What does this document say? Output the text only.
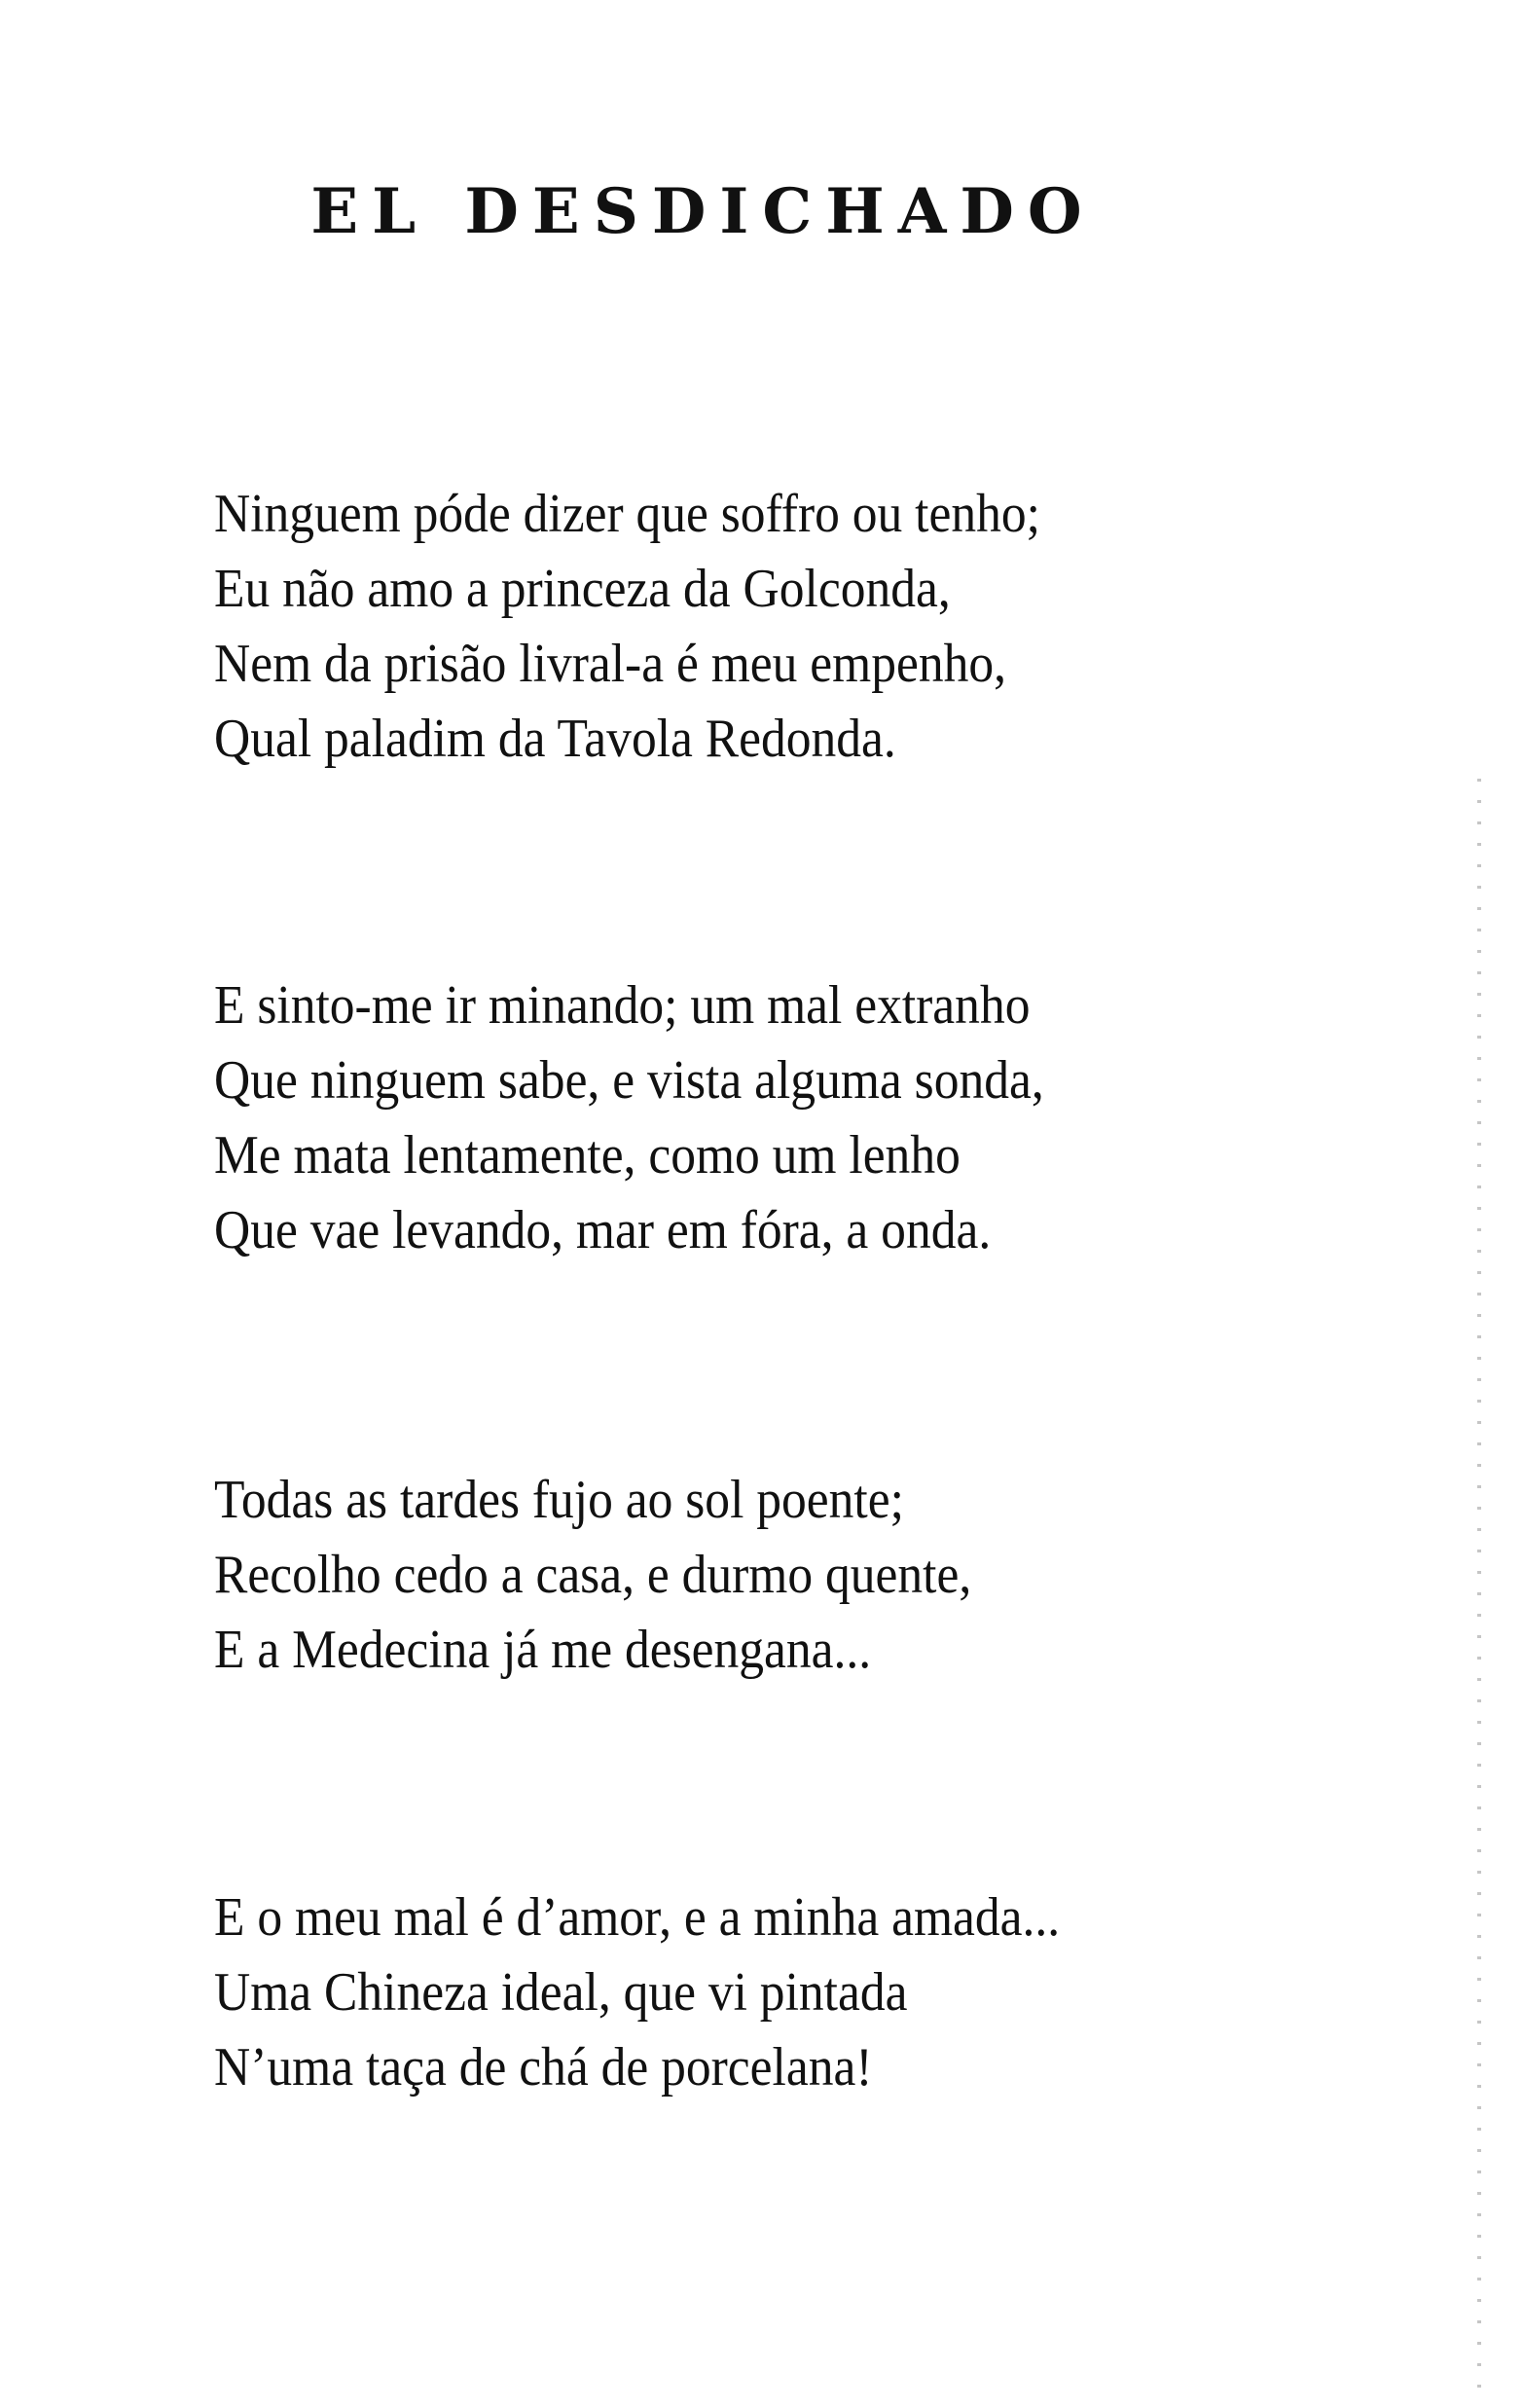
EL DESDICHADO
Ninguem póde dizer que soffro ou tenho;
Eu não amo a princeza da Golconda,
Nem da prisão livral-a é meu empenho,
Qual paladim da Tavola Redonda.
E sinto-me ir minando; um mal extranho
Que ninguem sabe, e vista alguma sonda,
Me mata lentamente, como um lenho
Que vae levando, mar em fóra, a onda.
Todas as tardes fujo ao sol poente;
Recolho cedo a casa, e durmo quente,
E a Medecina já me desengana...
E o meu mal é d’amor, e a minha amada...
Uma Chineza ideal, que vi pintada
N’uma taça de chá de porcelana!
